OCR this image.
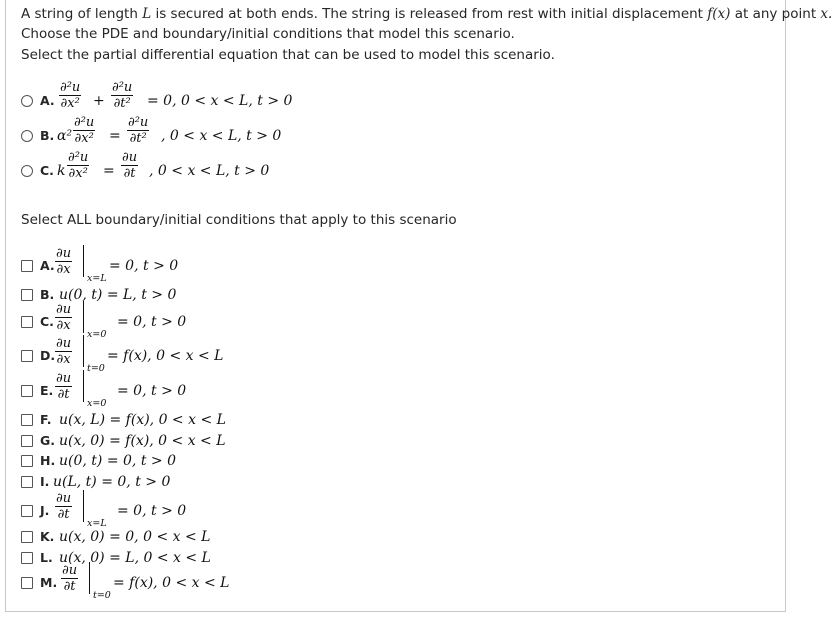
A string of length L is secured at both ends. The string is released from rest with initial displacement f(x) at any point x.

Choose the PDE and boundary/initial conditions that model this scenario.

Select the partial differential equation that can be used to model this scenario.

A.
∂²u
∂x² +
∂²u
∂t² = 0, 0 < x < L, t > 0
B. α²
∂²u
∂x² =
∂²u
∂t² , 0 < x < L, t > 0
C. k
∂²u
∂x² =
∂u
∂t , 0 < x < L, t > 0

Select ALL boundary/initial conditions that apply to this scenario

A.
∂u
∂x
x=L
= 0, t > 0
B. u(0, t) = L, t > 0
C.
∂u
∂x
x=0
= 0, t > 0
D.
∂u
∂x
t=0
= f(x), 0 < x < L
E.
∂u
∂t
x=0
= 0, t > 0
F. u(x, L) = f(x), 0 < x < L
G. u(x, 0) = f(x), 0 < x < L
H. u(0, t) = 0, t > 0
I. u(L, t) = 0, t > 0
J.
∂u
∂t
x=L
= 0, t > 0
K. u(x, 0) = 0, 0 < x < L
L. u(x, 0) = L, 0 < x < L
M.
∂u
∂t
t=0
= f(x), 0 < x < L
